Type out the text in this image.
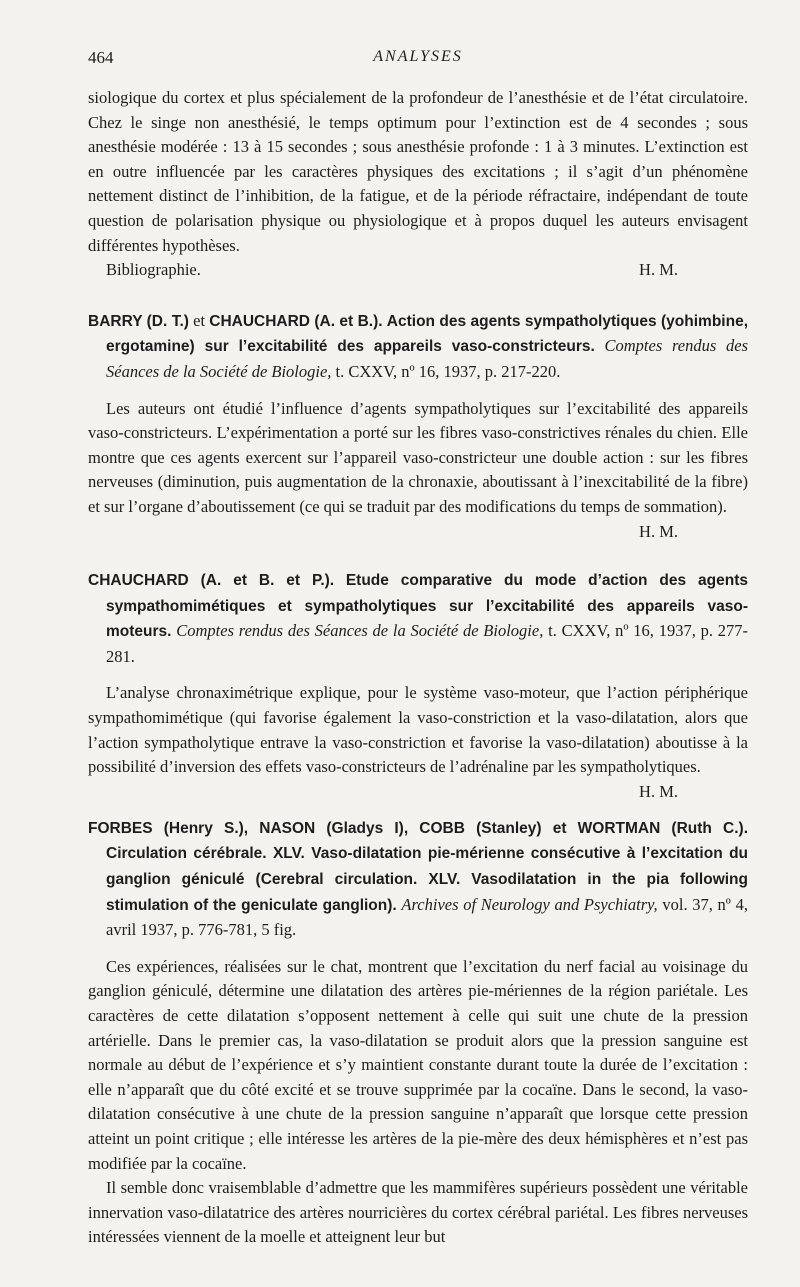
464	ANALYSES

siologique du cortex et plus spécialement de la profondeur de l’anesthésie et de l’état circulatoire. Chez le singe non anesthésié, le temps optimum pour l’extinction est de 4 secondes ; sous anesthésie modérée : 13 à 15 secondes ; sous anesthésie profonde : 1 à 3 minutes. L’extinction est en outre influencée par les caractères physiques des excitations ; il s’agit d’un phénomène nettement distinct de l’inhibition, de la fatigue, et de la période réfractaire, indépendant de toute question de polarisation physique ou physiologique et à propos duquel les auteurs envisagent différentes hypothèses.

Bibliographie.	H. M.

BARRY (D. T.) et CHAUCHARD (A. et B.). Action des agents sympatholytiques (yohimbine, ergotamine) sur l’excitabilité des appareils vaso-constricteurs. Comptes rendus des Séances de la Société de Biologie, t. CXXV, nº 16, 1937, p. 217-220.

Les auteurs ont étudié l’influence d’agents sympatholytiques sur l’excitabilité des appareils vaso-constricteurs. L’expérimentation a porté sur les fibres vaso-constrictives rénales du chien. Elle montre que ces agents exercent sur l’appareil vaso-constricteur une double action : sur les fibres nerveuses (diminution, puis augmentation de la chronaxie, aboutissant à l’inexcitabilité de la fibre) et sur l’organe d’aboutissement (ce qui se traduit par des modifications du temps de sommation).

H. M.

CHAUCHARD (A. et B. et P.). Etude comparative du mode d’action des agents sympathomimétiques et sympatholytiques sur l’excitabilité des appareils vaso-moteurs. Comptes rendus des Séances de la Société de Biologie, t. CXXV, nº 16, 1937, p. 277-281.

L’analyse chronaximétrique explique, pour le système vaso-moteur, que l’action périphérique sympathomimétique (qui favorise également la vaso-constriction et la vaso-dilatation, alors que l’action sympatholytique entrave la vaso-constriction et favorise la vaso-dilatation) aboutisse à la possibilité d’inversion des effets vaso-constricteurs de l’adrénaline par les sympatholytiques.
H. M.

FORBES (Henry S.), NASON (Gladys I), COBB (Stanley) et WORTMAN (Ruth C.). Circulation cérébrale. XLV. Vaso-dilatation pie-mérienne consécutive à l’excitation du ganglion géniculé (Cerebral circulation. XLV. Vasodilatation in the pia following stimulation of the geniculate ganglion). Archives of Neurology and Psychiatry, vol. 37, nº 4, avril 1937, p. 776-781, 5 fig.

Ces expériences, réalisées sur le chat, montrent que l’excitation du nerf facial au voisinage du ganglion géniculé, détermine une dilatation des artères pie-mériennes de la région pariétale. Les caractères de cette dilatation s’opposent nettement à celle qui suit une chute de la pression artérielle. Dans le premier cas, la vaso-dilatation se produit alors que la pression sanguine est normale au début de l’expérience et s’y maintient constante durant toute la durée de l’excitation : elle n’apparaît que du côté excité et se trouve supprimée par la cocaïne. Dans le second, la vaso-dilatation consécutive à une chute de la pression sanguine n’apparaît que lorsque cette pression atteint un point critique ; elle intéresse les artères de la pie-mère des deux hémisphères et n’est pas modifiée par la cocaïne.

Il semble donc vraisemblable d’admettre que les mammifères supérieurs possèdent une véritable innervation vaso-dilatatrice des artères nourricières du cortex cérébral pariétal. Les fibres nerveuses intéressées viennent de la moelle et atteignent leur but
